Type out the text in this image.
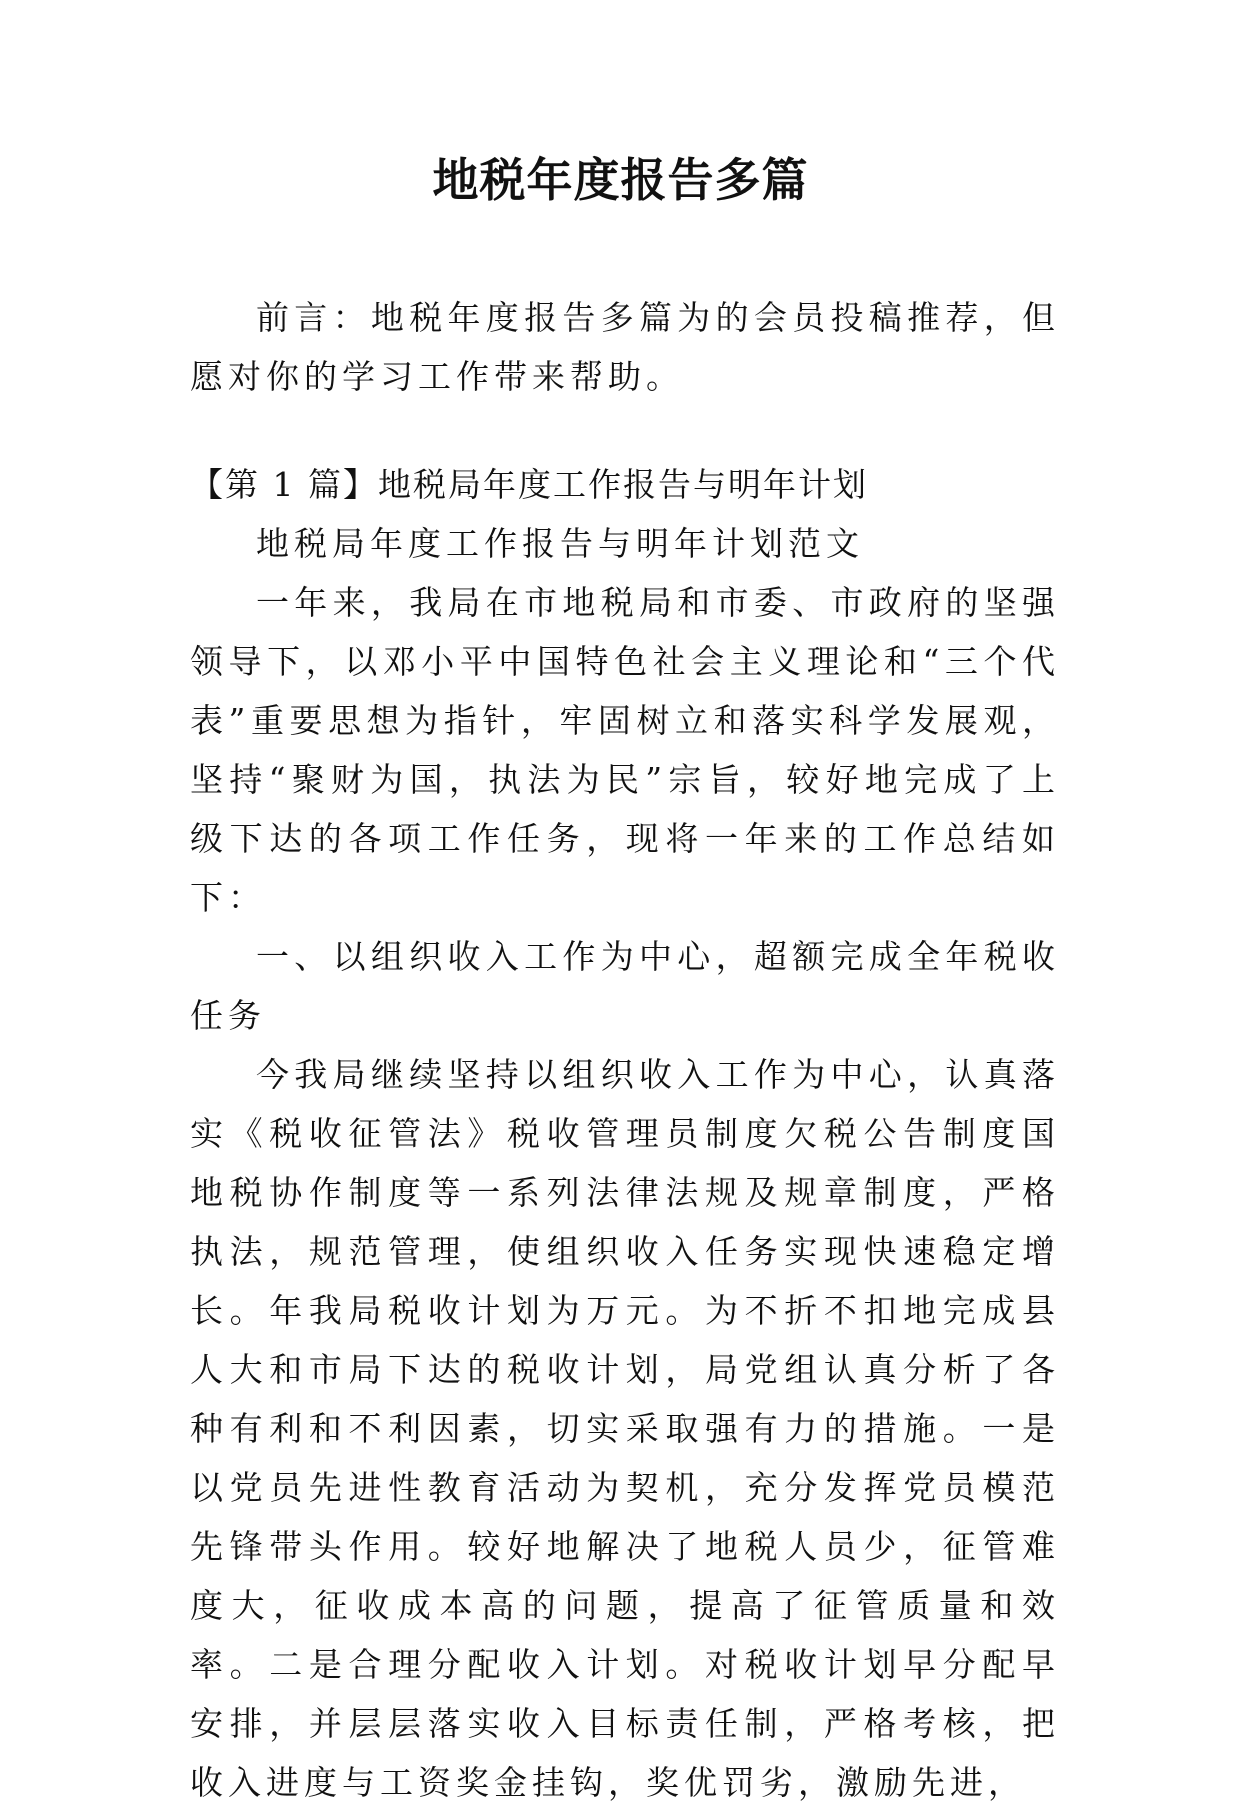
地税年度报告多篇

前言：地税年度报告多篇为的会员投稿推荐，但愿对你的学习工作带来帮助。

【第 1 篇】地税局年度工作报告与明年计划

地税局年度工作报告与明年计划范文

一年来，我局在市地税局和市委、市政府的坚强领导下，以邓小平中国特色社会主义理论和“三个代表”重要思想为指针，牢固树立和落实科学发展观，坚持“聚财为国，执法为民”宗旨，较好地完成了上级下达的各项工作任务，现将一年来的工作总结如下：

一、以组织收入工作为中心，超额完成全年税收任务

今我局继续坚持以组织收入工作为中心，认真落实《税收征管法》税收管理员制度欠税公告制度国地税协作制度等一系列法律法规及规章制度，严格执法，规范管理，使组织收入任务实现快速稳定增长。年我局税收计划为万元。为不折不扣地完成县人大和市局下达的税收计划，局党组认真分析了各种有利和不利因素，切实采取强有力的措施。一是以党员先进性教育活动为契机，充分发挥党员模范先锋带头作用。较好地解决了地税人员少，征管难度大，征收成本高的问题，提高了征管质量和效率。二是合理分配收入计划。对税收计划早分配早安排，并层层落实收入目标责任制，严格考核，把收入进度与工资奖金挂钩，奖优罚劣，激励先进，
